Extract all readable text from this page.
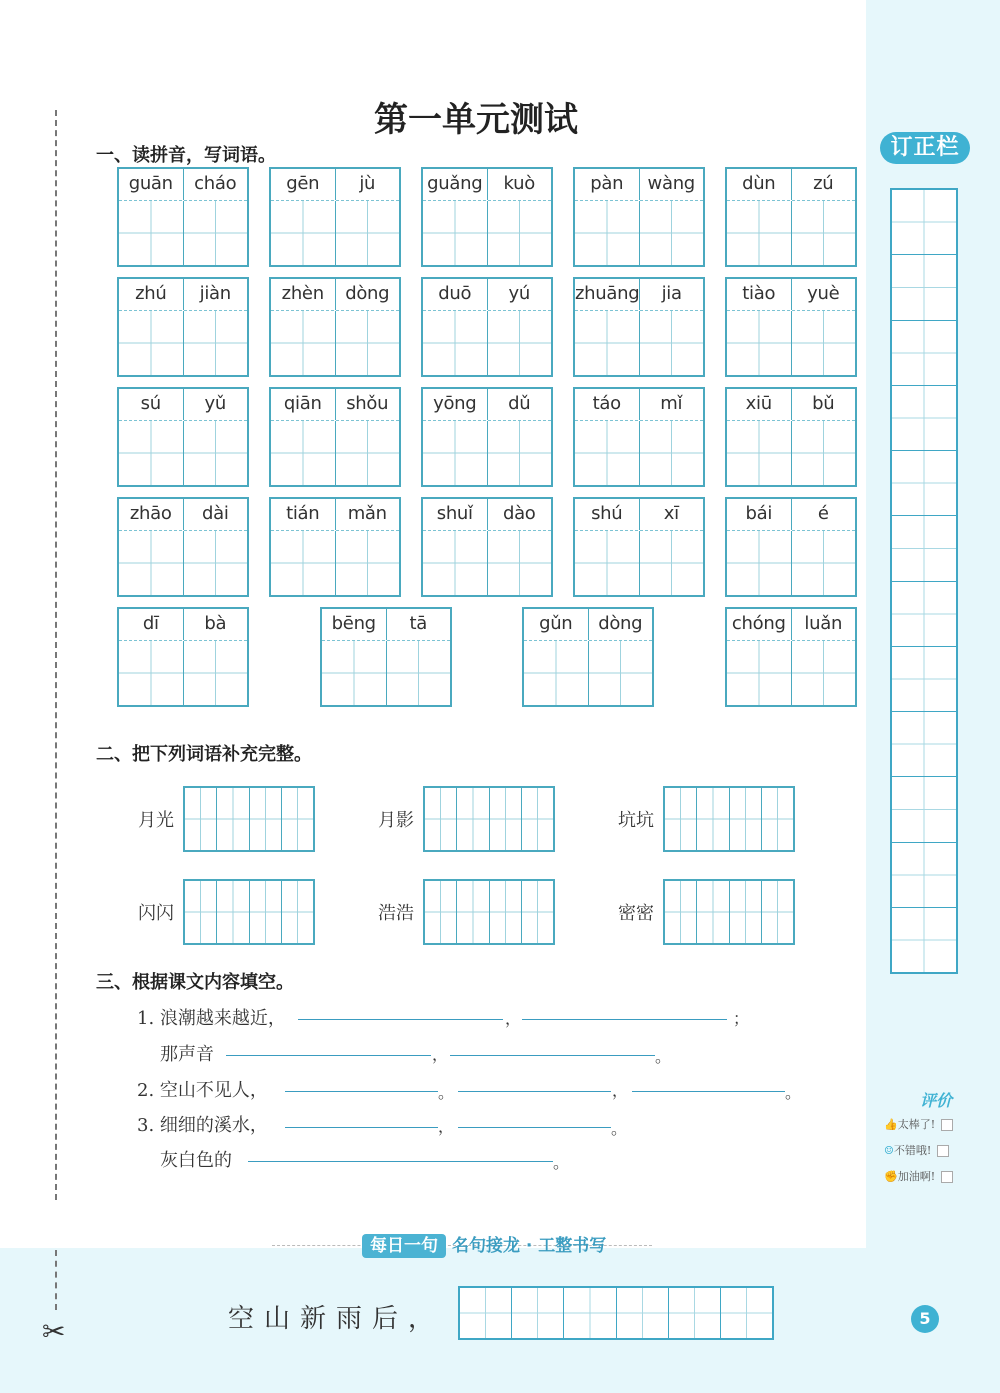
✂
第一单元测试
一、读拼音，写词语。
guān	cháo	gēn	jù	guǎng	kuò	pàn	wàng	dùn	zú
zhú	jiàn	zhèn	dòng	duō	yú	zhuāng	jia	tiào	yuè
sú	yǔ	qiān	shǒu	yōng	dǔ	táo	mǐ	xiū	bǔ
zhāo	dài	tián	mǎn	shuǐ	dào	shú	xī	bái	é
dī	bà	bēng	tā	gǔn	dòng	chóng	luǎn
二、把下列词语补充完整。
月光	月影	坑坑
闪闪	浩浩	密密
三、根据课文内容填空。
1. 浪潮越来越近，	，	；
那声音	，	。
2. 空山不见人，	。	，	。
3. 细细的溪水，	，	。
灰白色的	。
订正栏
评价
👍太棒了!
☺不错哦!
✊加油啊!
每日一句 名句接龙 · 工整书写
空山新雨后，	5
